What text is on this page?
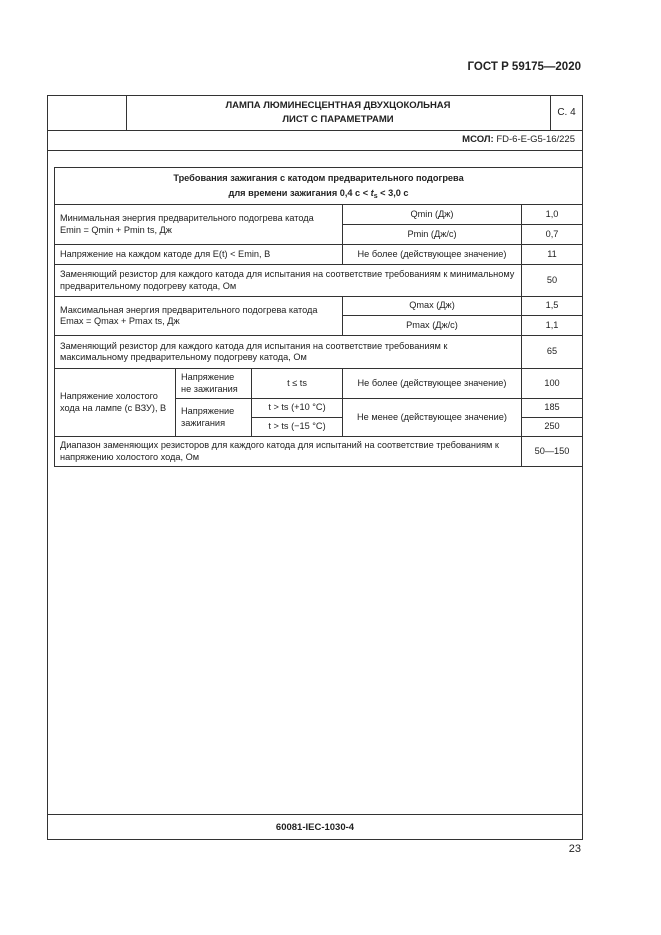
ГОСТ Р 59175—2020
ЛАМПА ЛЮМИНЕСЦЕНТНАЯ ДВУХЦОКОЛЬНАЯ
ЛИСТ С ПАРАМЕТРАМИ
С. 4
МСОЛ: FD-6-E-G5-16/225
Требования зажигания с катодом предварительного подогрева
для времени зажигания 0,4 $с < t_s < 3,0$ с				
Минимальная энергия предварительного подогрева катода
Emin = Qmin + Pmin ts, Дж			Qmin (Дж)	1,0
			Pmin (Дж/с)	0,7
Напряжение на каждом катоде для E(t) < Emin, В			Не более (действующее значение)	11
Заменяющий резистор для каждого катода для испытания на соответствие требованиям к минимальному предварительному подогреву катода, Ом				50
Максимальная энергия предварительного подогрева катода
Emax = Qmax + Pmax ts, Дж			Qmax (Дж)	1,5
			Pmax (Дж/с)	1,1
Заменяющий резистор для каждого катода для испытания на соответствие требованиям к максимальному предварительному подогреву катода, Ом				65
Напряжение холостого хода на лампе (с ВЗУ), В	Напряжение не зажигания	t ≤ ts	Не более (действующее значение)	100
	Напряжение зажигания	t > ts (+10 °C)	Не менее (действующее значение)	185
		t > ts (−15 °C)		250
Диапазон заменяющих резисторов для каждого катода для испытаний на соответствие требованиям к напряжению холостого хода, Ом				50—150
60081-IEC-1030-4
23
